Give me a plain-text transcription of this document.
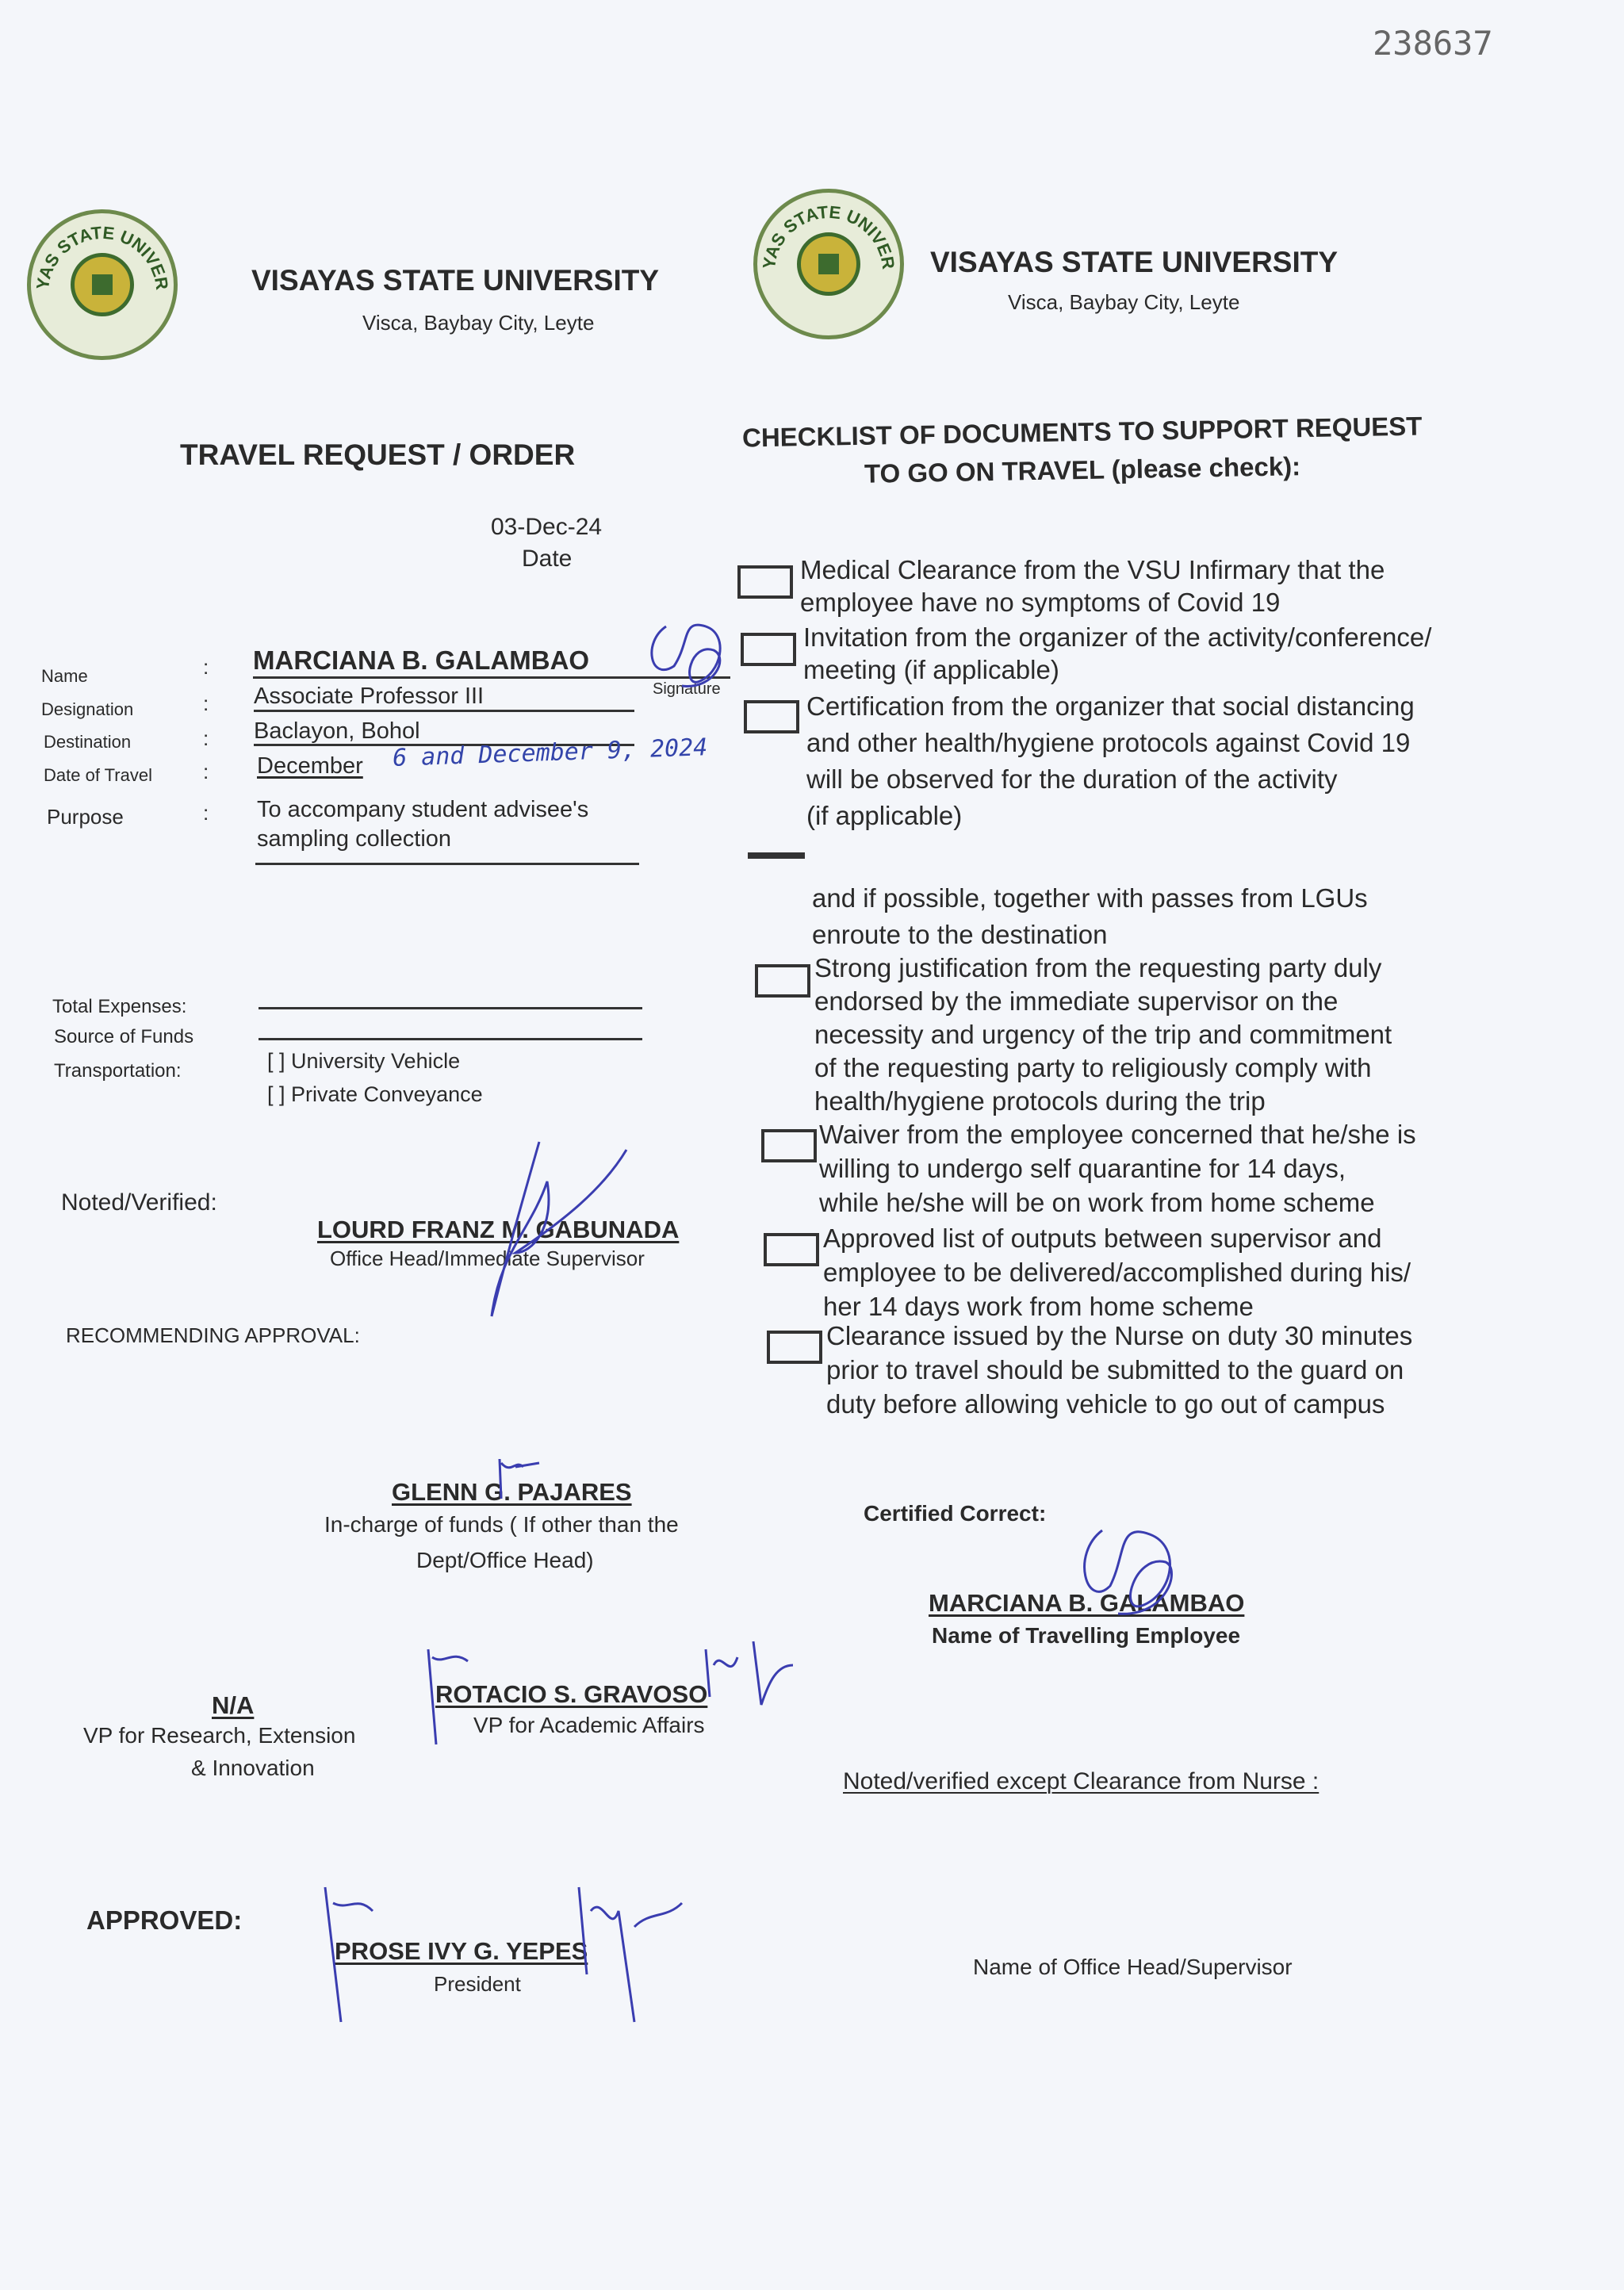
238637
VISAYAS STATE UNIVERSITY
VISAYAS STATE UNIVERSITY
Visca, Baybay City, Leyte
VISAYAS STATE UNIVERSITY
VISAYAS STATE UNIVERSITY
Visca, Baybay City, Leyte
TRAVEL REQUEST / ORDER
03-Dec-24
Date
Name
Designation
Destination
Date of Travel
Purpose
:
:
:
:
:
MARCIANA B. GALAMBAO
Signature
Associate Professor III
Baclayon, Bohol
December 6 and December 9, 2024
To accompany student advisee's
sampling collection
Total Expenses:
Source of Funds
Transportation:	[ ] University Vehicle
[ ] Private Conveyance
Noted/Verified:
LOURD FRANZ M. GABUNADA
Office Head/Immediate Supervisor
RECOMMENDING APPROVAL:
GLENN G. PAJARES
In-charge of funds ( If other than the
Dept/Office Head)
N/A
VP for Research, Extension
& Innovation
ROTACIO S. GRAVOSO
VP for Academic Affairs
APPROVED:
PROSE IVY G. YEPES
President
CHECKLIST OF DOCUMENTS TO SUPPORT REQUEST
TO GO ON TRAVEL (please check):
Medical Clearance from the VSU Infirmary that the
employee have no symptoms of Covid 19
Invitation from the organizer of the activity/conference/
meeting (if applicable)
Certification from the organizer that social distancing
and other health/hygiene protocols against Covid 19
will be observed for the duration of the activity
(if applicable)
and if possible, together with passes from LGUs
enroute to the destination
Strong justification from the requesting party duly
endorsed by the immediate supervisor on the
necessity and urgency of the trip and commitment
of the requesting party to religiously comply with
health/hygiene protocols during the trip
Waiver from the employee concerned that he/she is
willing to undergo self quarantine for 14 days,
while he/she will be on work from home scheme
Approved list of outputs between supervisor and
employee to be delivered/accomplished during his/
her 14 days work from home scheme
Clearance issued by the Nurse on duty 30 minutes
prior to travel should be submitted to the guard on
duty before allowing vehicle to go out of campus
Certified Correct:
MARCIANA B. GALAMBAO
Name of Travelling Employee
Noted/verified except Clearance from Nurse :
Name of Office Head/Supervisor
